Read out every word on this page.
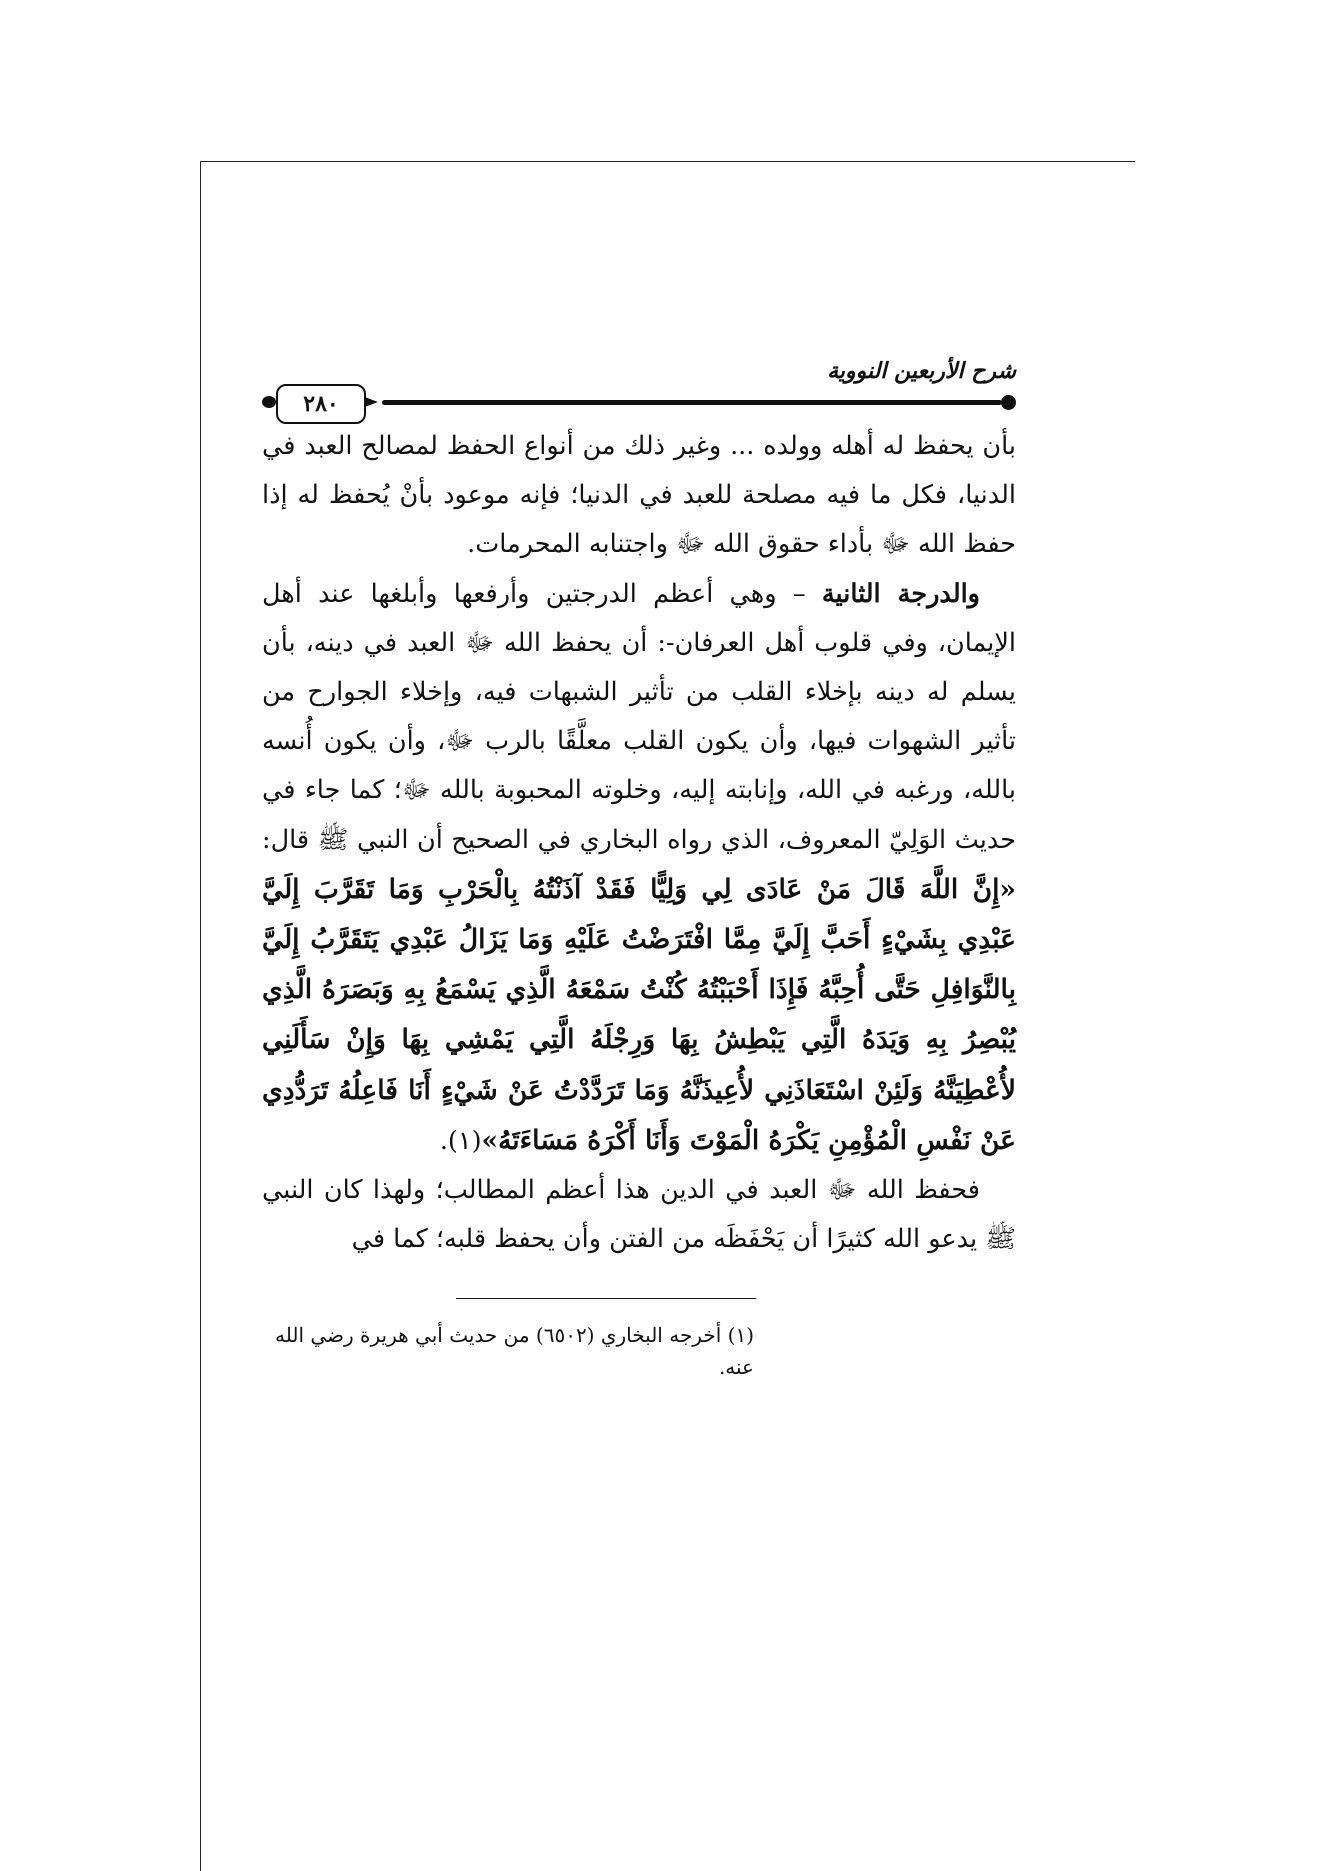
شرح الأربعين النووية
٢٨٠

بأن يحفظ له أهله وولده ... وغير ذلك من أنواع الحفظ لمصالح العبد في الدنيا، فكل ما فيه مصلحة للعبد في الدنيا؛ فإنه موعود بأنْ يُحفظ له إذا حفظ الله ﷻ بأداء حقوق الله ﷻ واجتنابه المحرمات.

والدرجة الثانية – وهي أعظم الدرجتين وأرفعها وأبلغها عند أهل الإيمان، وفي قلوب أهل العرفان-: أن يحفظ الله ﷻ العبد في دينه، بأن يسلم له دينه بإخلاء القلب من تأثير الشبهات فيه، وإخلاء الجوارح من تأثير الشهوات فيها، وأن يكون القلب معلَّقًا بالرب ﷻ، وأن يكون أُنسه بالله، ورغبه في الله، وإنابته إليه، وخلوته المحبوبة بالله ﷻ؛ كما جاء في حديث الوَلِيّ المعروف، الذي رواه البخاري في الصحيح أن النبي ﷺ قال: «إِنَّ اللَّهَ قَالَ مَنْ عَادَى لِي وَلِيًّا فَقَدْ آذَنْتُهُ بِالْحَرْبِ وَمَا تَقَرَّبَ إِلَيَّ عَبْدِي بِشَيْءٍ أَحَبَّ إِلَيَّ مِمَّا افْتَرَضْتُ عَلَيْهِ وَمَا يَزَالُ عَبْدِي يَتَقَرَّبُ إِلَيَّ بِالنَّوَافِلِ حَتَّى أُحِبَّهُ فَإِذَا أَحْبَبْتُهُ كُنْتُ سَمْعَهُ الَّذِي يَسْمَعُ بِهِ وَبَصَرَهُ الَّذِي يُبْصِرُ بِهِ وَيَدَهُ الَّتِي يَبْطِشُ بِهَا وَرِجْلَهُ الَّتِي يَمْشِي بِهَا وَإِنْ سَأَلَنِي لأُعْطِيَنَّهُ وَلَئِنْ اسْتَعَاذَنِي لأُعِيذَنَّهُ وَمَا تَرَدَّدْتُ عَنْ شَيْءٍ أَنَا فَاعِلُهُ تَرَدُّدِي عَنْ نَفْسِ الْمُؤْمِنِ يَكْرَهُ الْمَوْتَ وَأَنَا أَكْرَهُ مَسَاءَتَهُ»(١).

فحفظ الله ﷻ العبد في الدين هذا أعظم المطالب؛ ولهذا كان النبي ﷺ يدعو الله كثيرًا أن يَحْفَظَه من الفتن وأن يحفظ قلبه؛ كما في

(١) أخرجه البخاري (٦٥٠٢) من حديث أبي هريرة رضي الله عنه.
